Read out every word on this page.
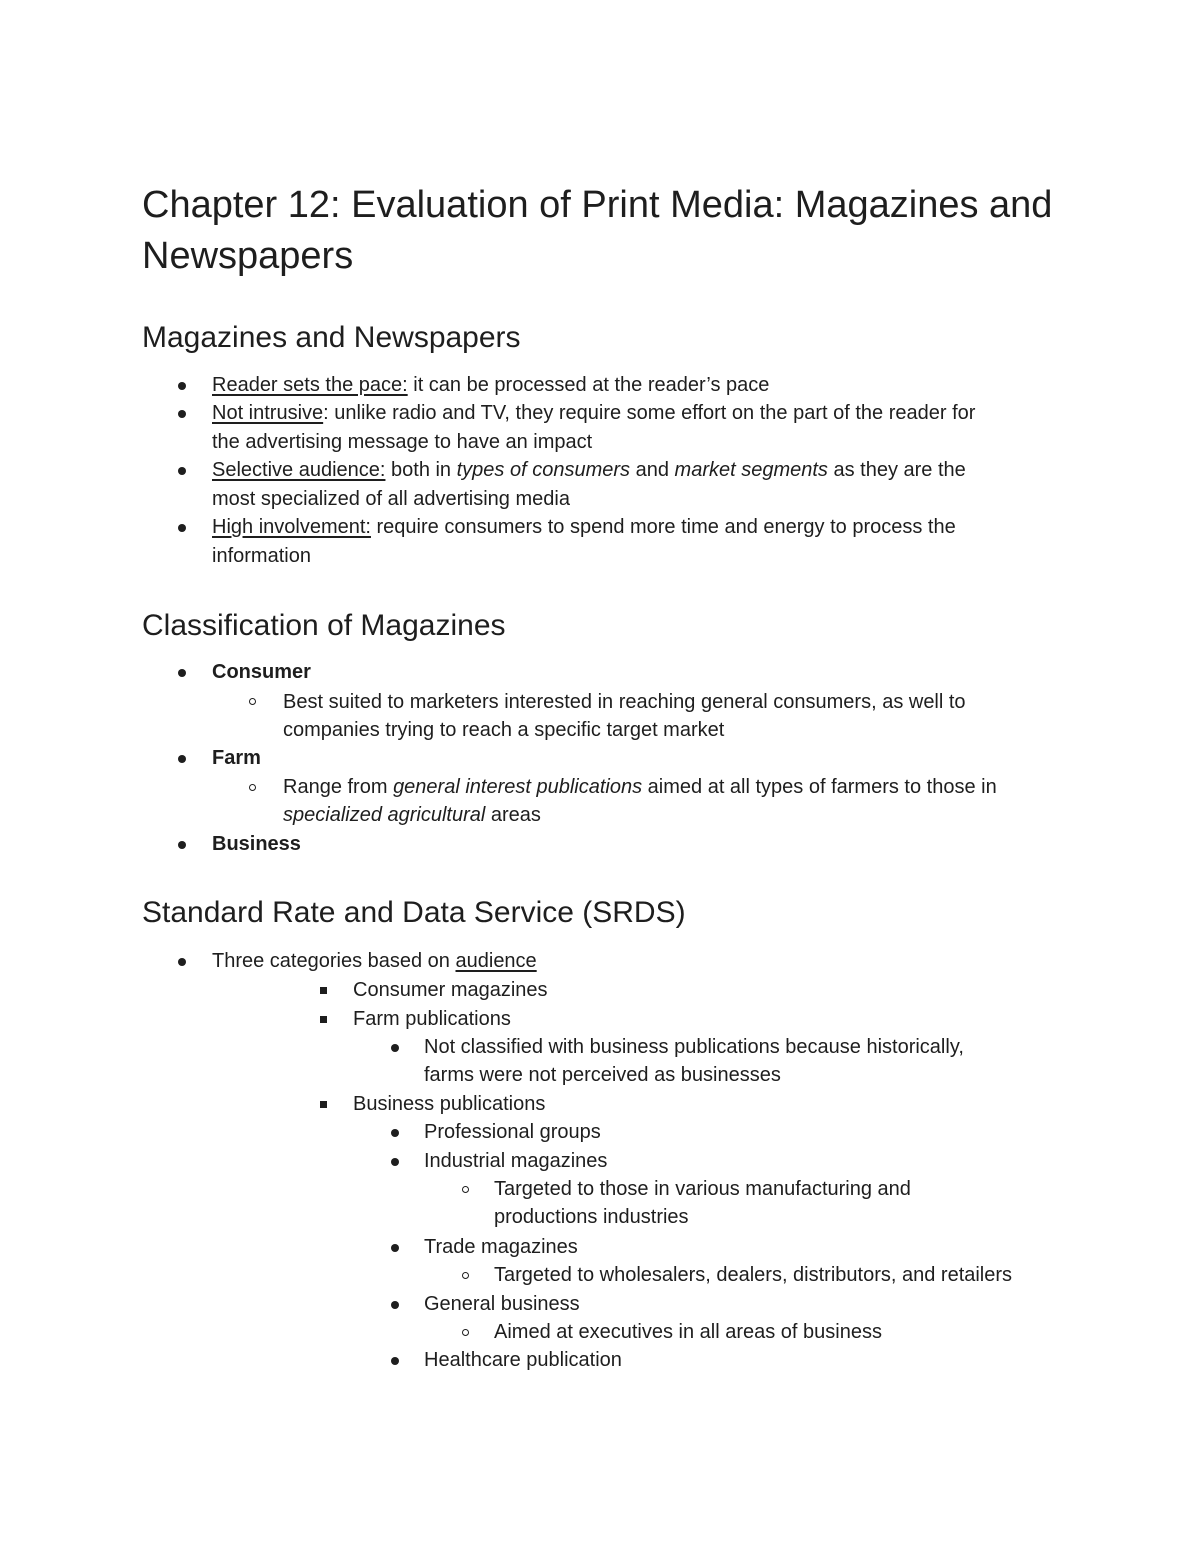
Chapter 12: Evaluation of Print Media: Magazines and Newspapers
Magazines and Newspapers
Reader sets the pace: it can be processed at the reader’s pace
Not intrusive: unlike radio and TV, they require some effort on the part of the reader for
the advertising message to have an impact
Selective audience: both in types of consumers and market segments as they are the
most specialized of all advertising media
High involvement: require consumers to spend more time and energy to process the
information
Classification of Magazines
Consumer
Best suited to marketers interested in reaching general consumers, as well to
companies trying to reach a specific target market
Farm
Range from general interest publications aimed at all types of farmers to those in
specialized agricultural areas
Business
Standard Rate and Data Service (SRDS)
Three categories based on audience
Consumer magazines
Farm publications
Not classified with business publications because historically,
farms were not perceived as businesses
Business publications
Professional groups
Industrial magazines
Targeted to those in various manufacturing and
productions industries
Trade magazines
Targeted to wholesalers, dealers, distributors, and retailers
General business
Aimed at executives in all areas of business
Healthcare publication
